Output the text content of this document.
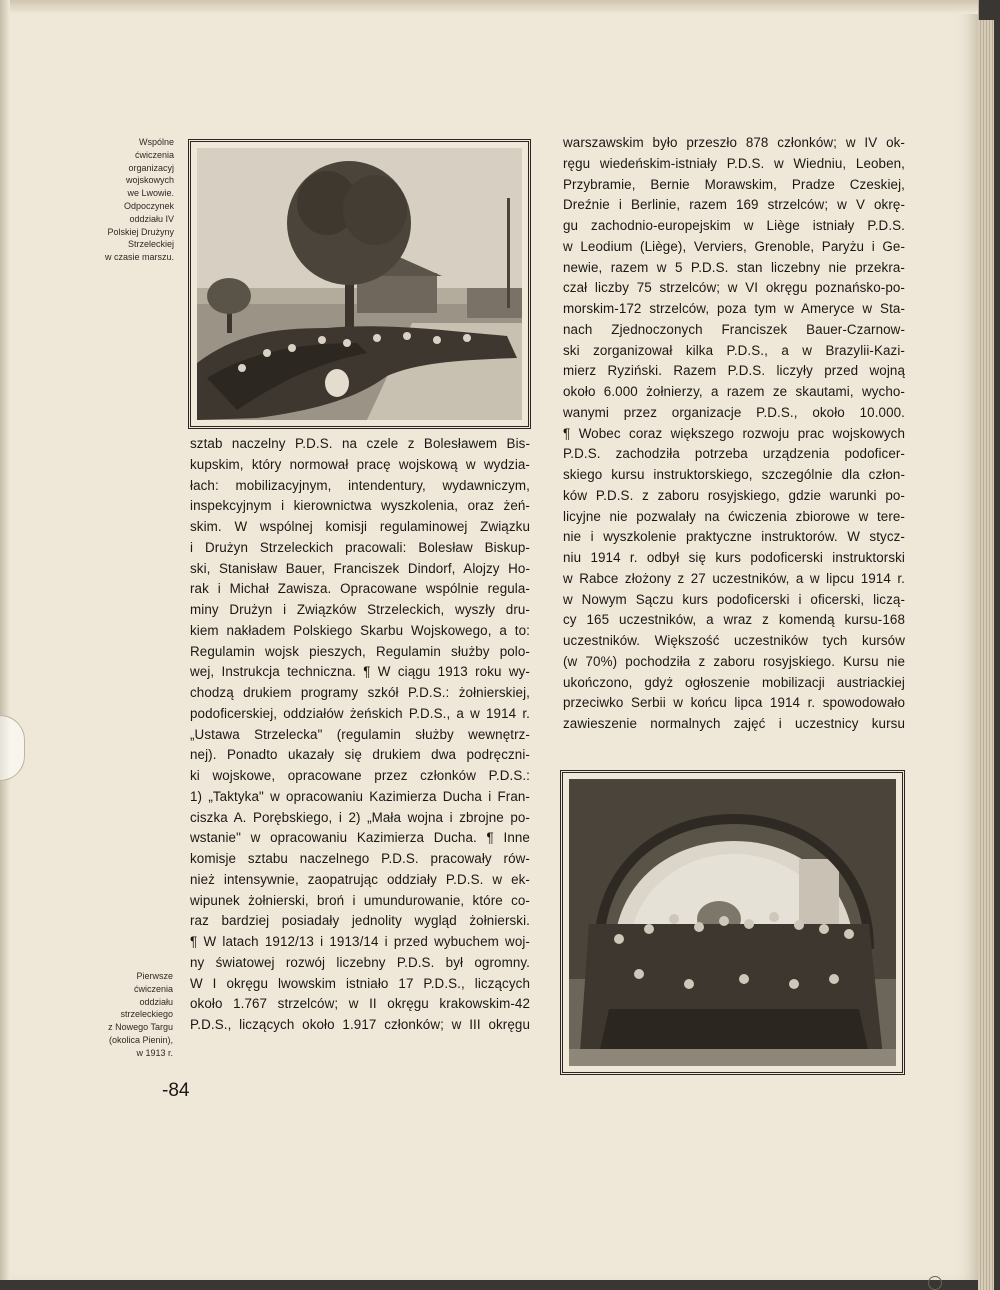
Wspólne
ćwiczenia
organizacyj
wojskowych
we Lwowie.
Odpoczynek
oddziału IV
Polskiej Drużyny
Strzeleckiej
w czasie marszu.
Pierwsze
ćwiczenia
oddziału
strzeleckiego
z Nowego Targu
(okolica Pienin),
w 1913 r.
sztab naczelny P.D.S. na czele z Bolesławem Bis-
kupskim, który normował pracę wojskową w wydzia-
łach: mobilizacyjnym, intendentury, wydawniczym,
inspekcyjnym i kierownictwa wyszkolenia, oraz żeń-
skim. W wspólnej komisji regulaminowej Związku
i Drużyn Strzeleckich pracowali: Bolesław Biskup-
ski, Stanisław Bauer, Franciszek Dindorf, Alojzy Ho-
rak i Michał Zawisza. Opracowane wspólnie regula-
miny Drużyn i Związków Strzeleckich, wyszły dru-
kiem nakładem Polskiego Skarbu Wojskowego, a to:
Regulamin wojsk pieszych, Regulamin służby polo-
wej, Instrukcja techniczna. ¶ W ciągu 1913 roku wy-
chodzą drukiem programy szkół P.D.S.: żołnierskiej,
podoficerskiej, oddziałów żeńskich P.D.S., a w 1914 r.
„Ustawa Strzelecka" (regulamin służby wewnętrz-
nej). Ponadto ukazały się drukiem dwa podręczni-
ki wojskowe, opracowane przez członków P.D.S.:
1) „Taktyka" w opracowaniu Kazimierza Ducha i Fran-
ciszka A. Porębskiego, i 2) „Mała wojna i zbrojne po-
wstanie" w opracowaniu Kazimierza Ducha. ¶ Inne
komisje sztabu naczelnego P.D.S. pracowały rów-
nież intensywnie, zaopatrując oddziały P.D.S. w ek-
wipunek żołnierski, broń i umundurowanie, które co-
raz bardziej posiadały jednolity wygląd żołnierski.
¶ W latach 1912/13 i 1913/14 i przed wybuchem woj-
ny światowej rozwój liczebny P.D.S. był ogromny.
W I okręgu lwowskim istniało 17 P.D.S., liczących
około 1.767 strzelców; w II okręgu krakowskim-42
P.D.S., liczących około 1.917 członków; w III okręgu
warszawskim było przeszło 878 członków; w IV ok-
ręgu wiedeńskim-istniały P.D.S. w Wiedniu, Leoben,
Przybramie, Bernie Morawskim, Pradze Czeskiej,
Dreźnie i Berlinie, razem 169 strzelców; w V okrę-
gu zachodnio-europejskim w Liège istniały P.D.S.
w Leodium (Liège), Verviers, Grenoble, Paryżu i Ge-
newie, razem w 5 P.D.S. stan liczebny nie przekra-
czał liczby 75 strzelców; w VI okręgu poznańsko-po-
morskim-172 strzelców, poza tym w Ameryce w Sta-
nach Zjednoczonych Franciszek Bauer-Czarnow-
ski zorganizował kilka P.D.S., a w Brazylii-Kazi-
mierz Ryziński. Razem P.D.S. liczyły przed wojną
około 6.000 żołnierzy, a razem ze skautami, wycho-
wanymi przez organizacje P.D.S., około 10.000.
¶ Wobec coraz większego rozwoju prac wojskowych
P.D.S. zachodziła potrzeba urządzenia podoficer-
skiego kursu instruktorskiego, szczególnie dla człon-
ków P.D.S. z zaboru rosyjskiego, gdzie warunki po-
licyjne nie pozwalały na ćwiczenia zbiorowe w tere-
nie i wyszkolenie praktyczne instruktorów. W stycz-
niu 1914 r. odbył się kurs podoficerski instruktorski
w Rabce złożony z 27 uczestników, a w lipcu 1914 r.
w Nowym Sączu kurs podoficerski i oficerski, liczą-
cy 165 uczestników, a wraz z komendą kursu-168
uczestników. Większość uczestników tych kursów
(w 70%) pochodziła z zaboru rosyjskiego. Kursu nie
ukończono, gdyż ogłoszenie mobilizacji austriackiej
przeciwko Serbii w końcu lipca 1914 r. spowodowało
zawieszenie normalnych zajęć i uczestnicy kursu
-84
